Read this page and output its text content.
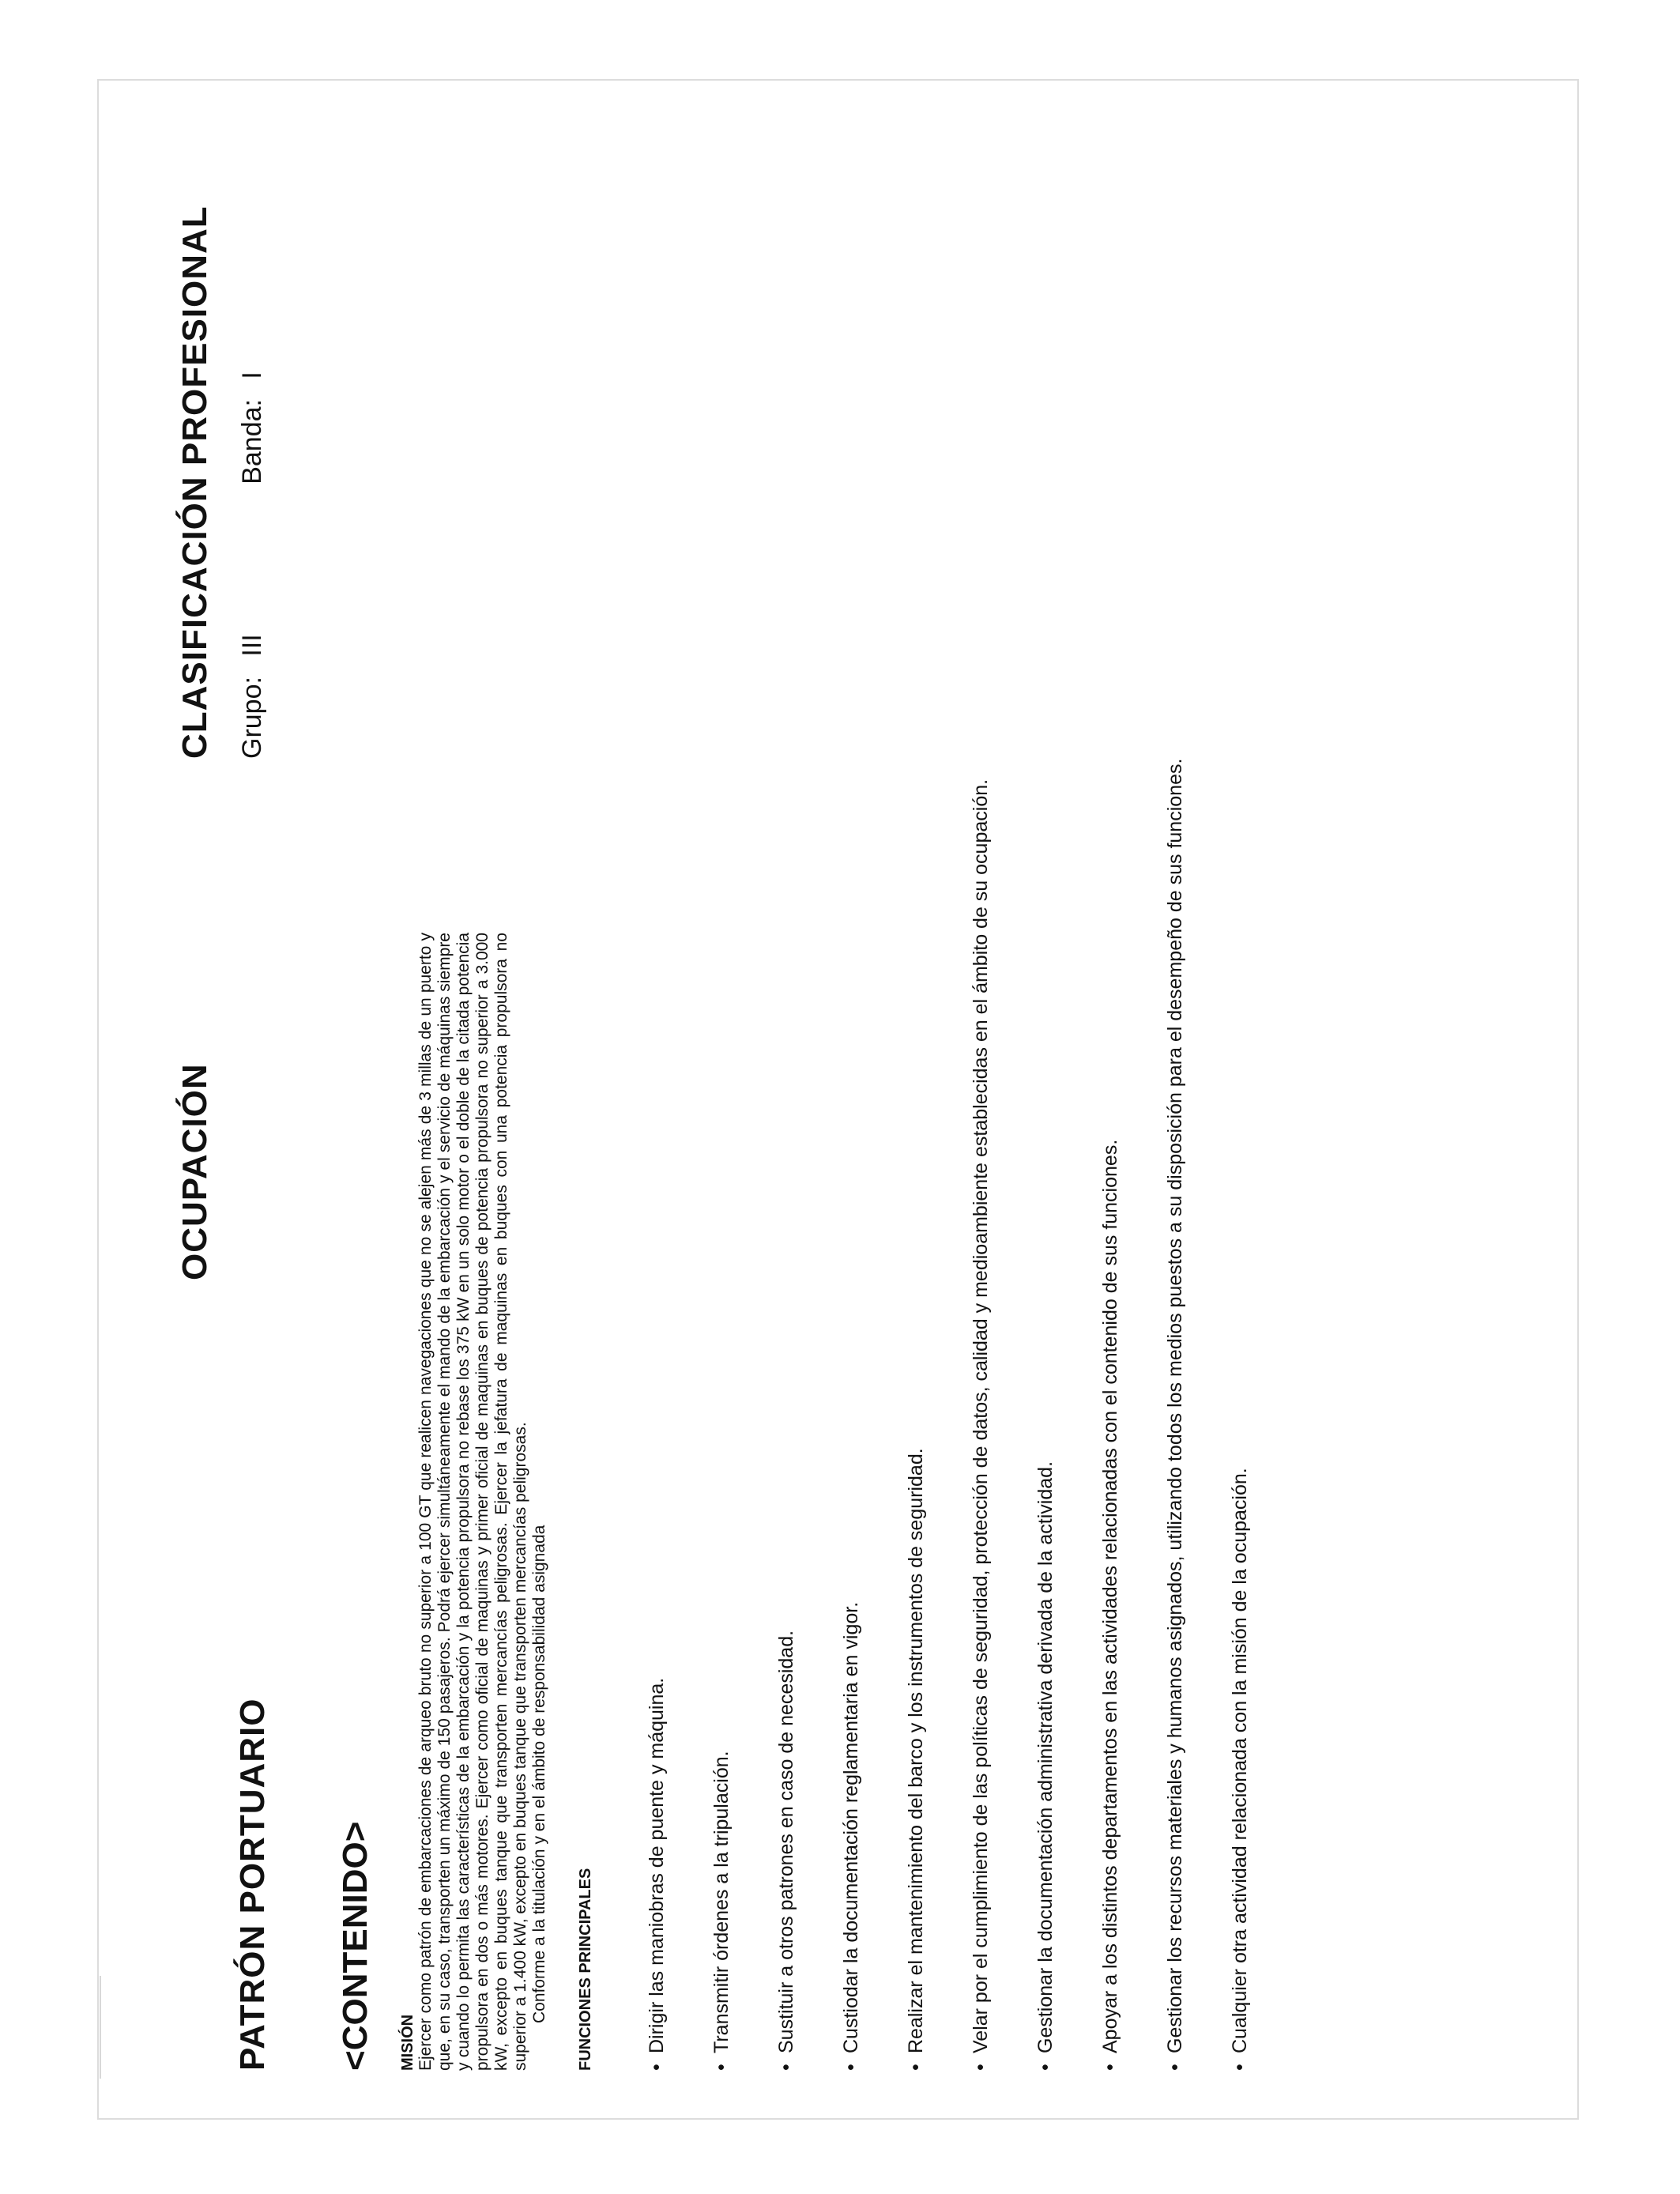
PATRÓN PORTUARIO
OCUPACIÓN
CLASIFICACIÓN PROFESIONAL Grupo: III Banda: I
<CONTENIDO> MISIÓN Ejercer como patrón de embarcaciones de arqueo bruto no superior a 100 GT que realicen navegaciones que no se alejen más de 3 millas de un puerto y que, en su caso, transporten un máximo de 150 pasajeros. Podrá ejercer simultáneamente el mando de la embarcación y el servicio de máquinas siempre y cuando lo permita las características de la embarcación y la potencia propulsora no rebase los 375 kW en un solo motor o el doble de la citada potencia propulsora en dos o más motores. Ejercer como oficial de maquinas y primer oficial de maquinas en buques de potencia propulsora no superior a 3.000 kW, excepto en buques tanque que transporten mercancías peligrosas. Ejercer la jefatura de maquinas en buques con una potencia propulsora no superior a 1.400 kW, excepto en buques tanque que transporten mercancías peligrosas. Conforme a la titulación y en el ámbito de responsabilidad asignada FUNCIONES PRINCIPALES	•Dirigir las maniobras de puente y máquina.
•Transmitir órdenes a la tripulación.
•Sustituir a otros patrones en caso de necesidad.
•Custiodar la documentación reglamentaria en vigor.
•Realizar el mantenimiento del barco y los instrumentos de seguridad.
•Velar por el cumplimiento de las políticas de seguridad, protección de datos, calidad y medioambiente establecidas en el ámbito de su ocupación.
•Gestionar la documentación administrativa derivada de la actividad.
•Apoyar a los distintos departamentos en las actividades relacionadas con el contenido de sus funciones.
•Gestionar los recursos materiales y humanos asignados, utilizando todos los medios puestos a su disposición para el desempeño de sus funciones.
•Cualquier otra actividad relacionada con la misión de la ocupación.
